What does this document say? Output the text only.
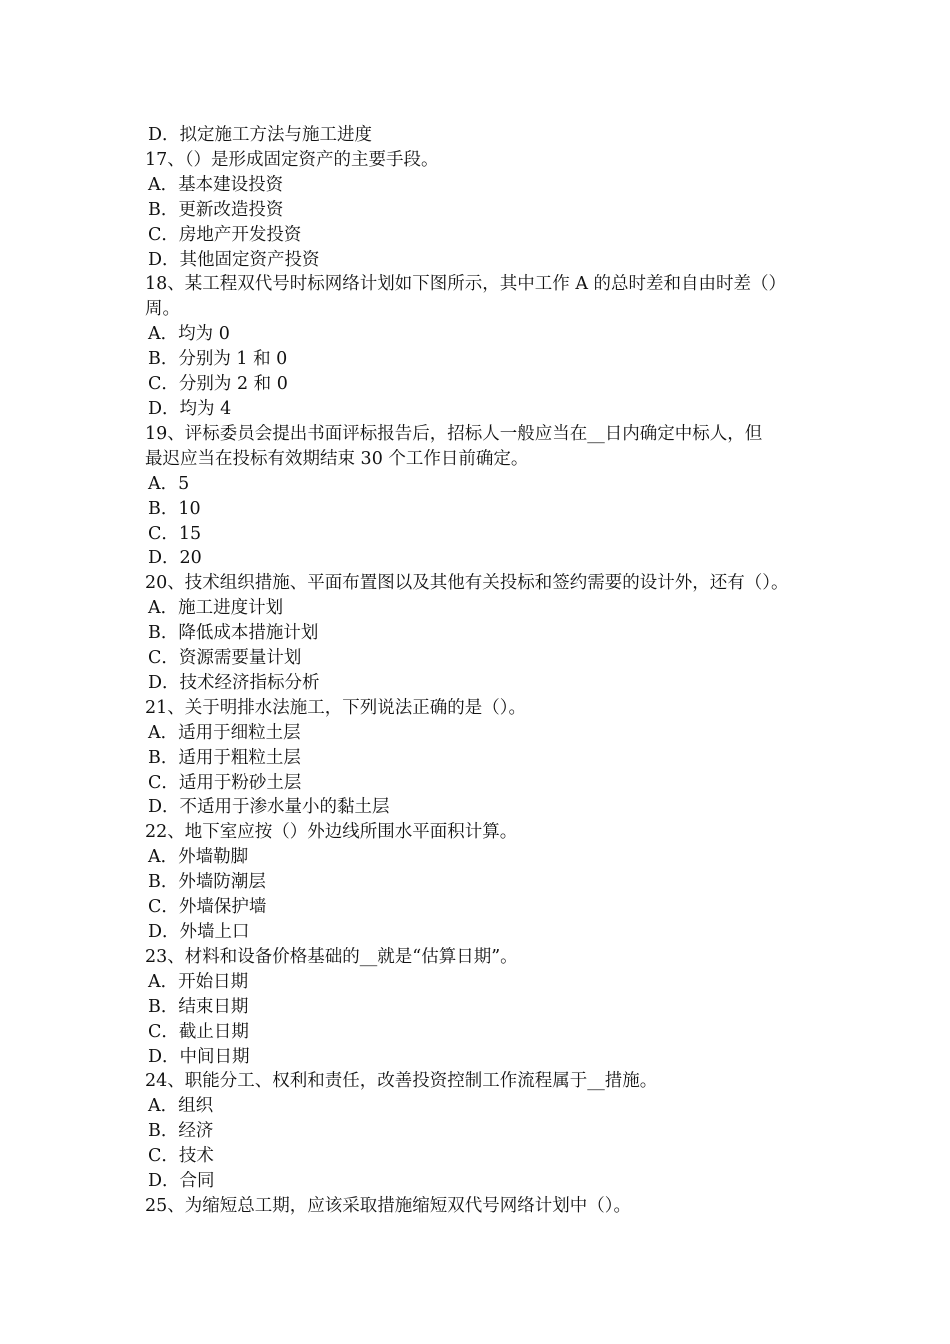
D．拟定施工方法与施工进度
17、（）是形成固定资产的主要手段。
A．基本建设投资
B．更新改造投资
C．房地产开发投资
D．其他固定资产投资
18、某工程双代号时标网络计划如下图所示，其中工作 A 的总时差和自由时差（）
周。
A．均为 0
B．分别为 1 和 0
C．分别为 2 和 0
D．均为 4
19、评标委员会提出书面评标报告后，招标人一般应当在__日内确定中标人，但
最迟应当在投标有效期结束 30 个工作日前确定。
A．5
B．10
C．15
D．20
20、技术组织措施、平面布置图以及其他有关投标和签约需要的设计外，还有（）。
A．施工进度计划
B．降低成本措施计划
C．资源需要量计划
D．技术经济指标分析
21、关于明排水法施工，下列说法正确的是（）。
A．适用于细粒土层
B．适用于粗粒土层
C．适用于粉砂土层
D．不适用于渗水量小的黏土层
22、地下室应按（）外边线所围水平面积计算。
A．外墙勒脚
B．外墙防潮层
C．外墙保护墙
D．外墙上口
23、材料和设备价格基础的__就是“估算日期”。
A．开始日期
B．结束日期
C．截止日期
D．中间日期
24、职能分工、权利和责任，改善投资控制工作流程属于__措施。
A．组织
B．经济
C．技术
D．合同
25、为缩短总工期，应该采取措施缩短双代号网络计划中（）。
